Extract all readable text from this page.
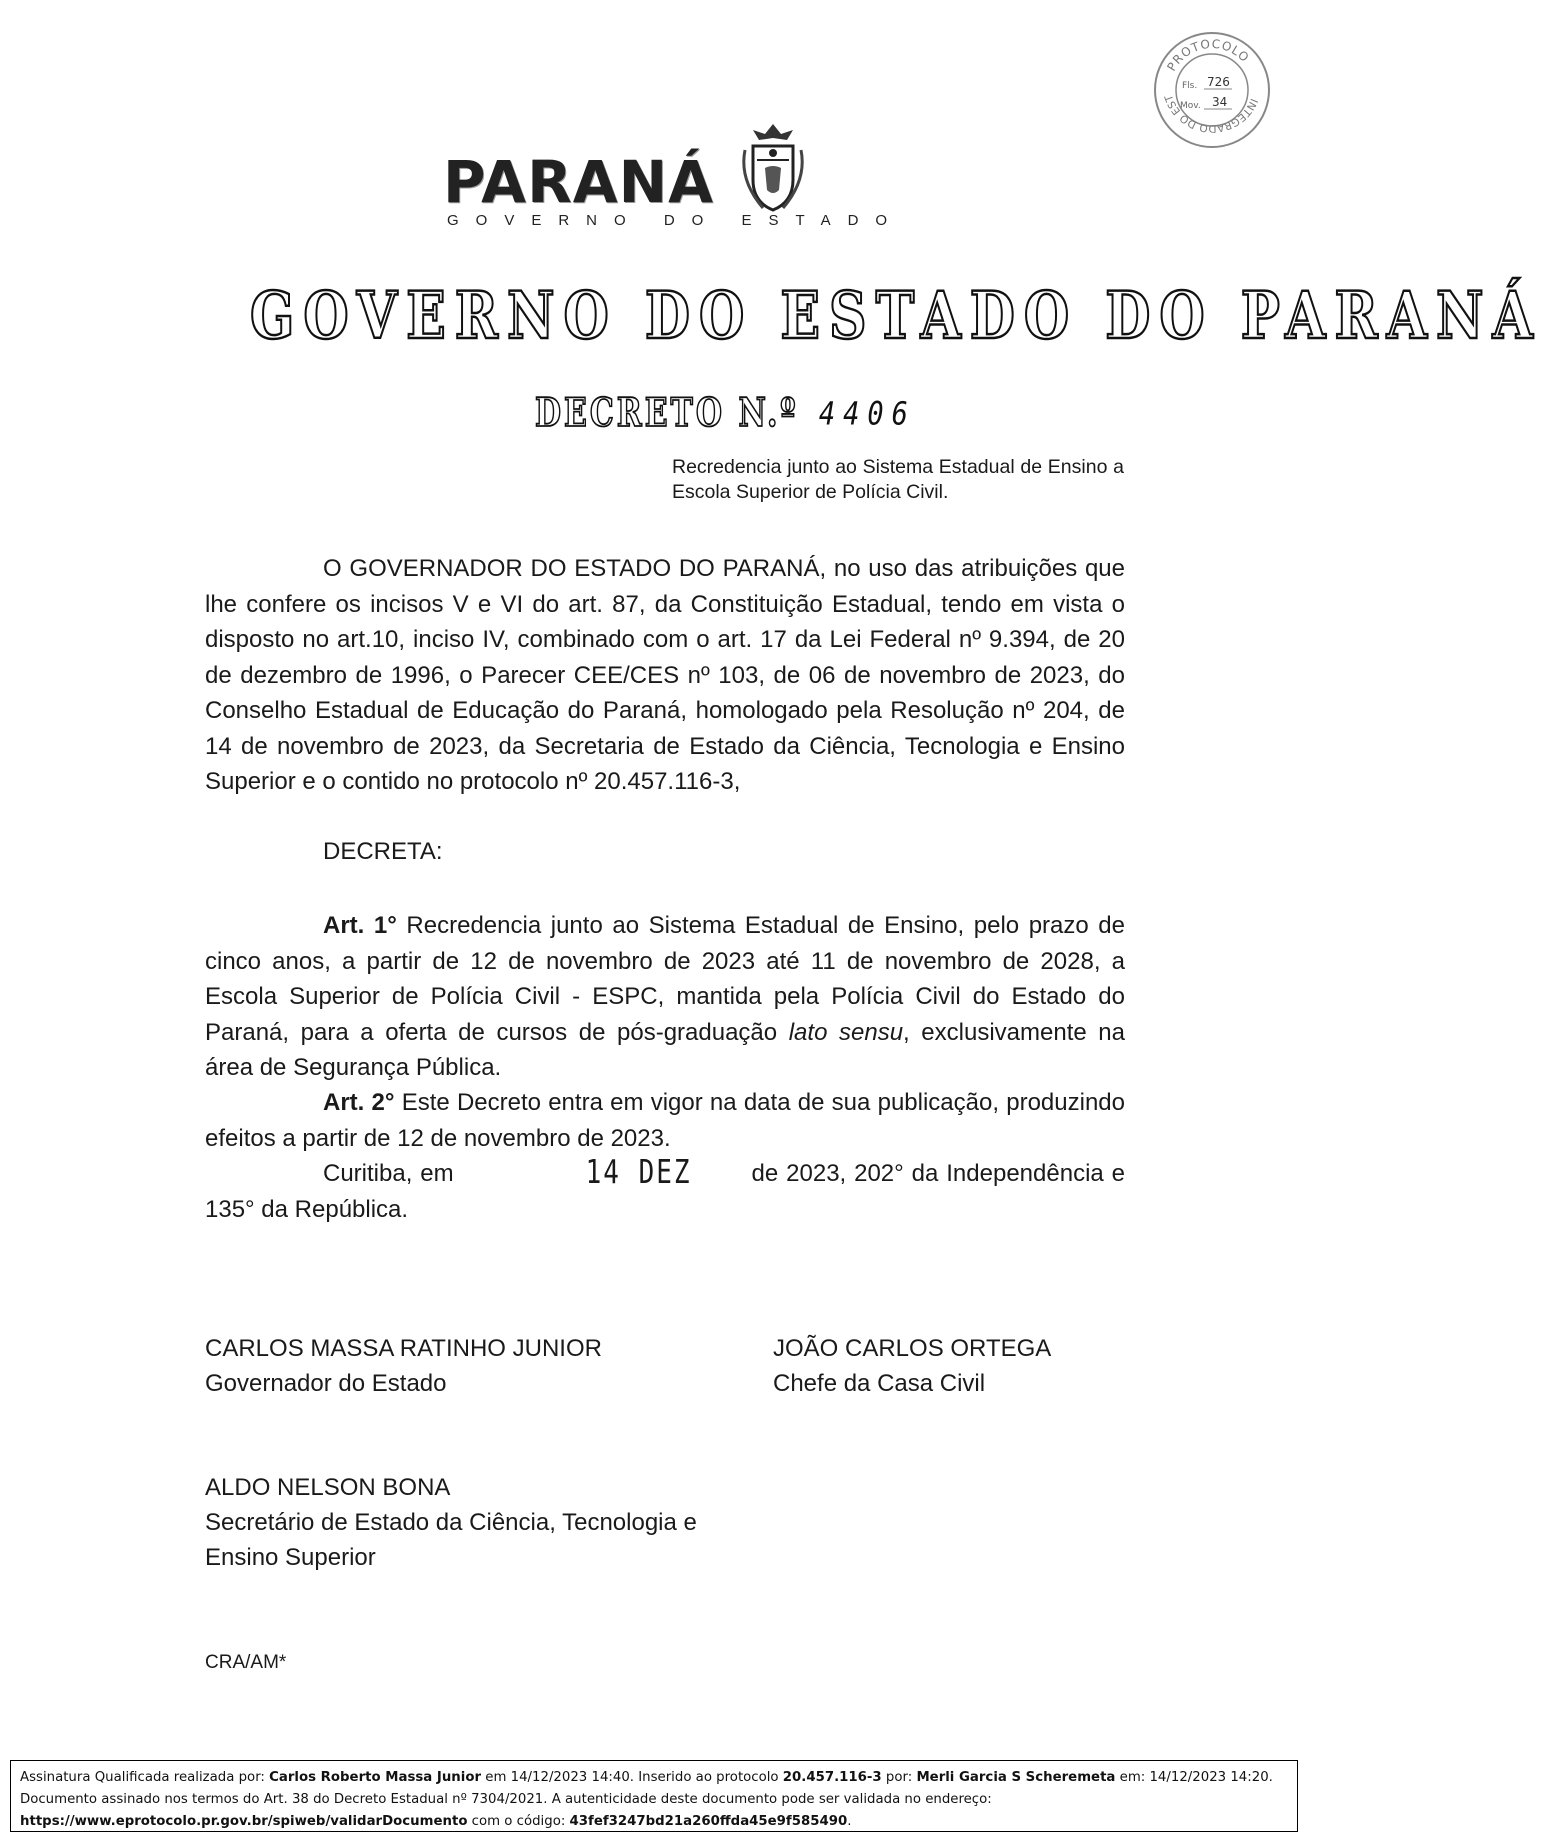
PROTOCOLO
INTEGRADO DO EST
Fls. 726
Mov. 34
PARANÁ
GOVERNO DO ESTADO
GOVERNO DO ESTADO DO PARANÁ
DECRETO N.º 4406
Recredencia junto ao Sistema Estadual de Ensino a Escola Superior de Polícia Civil.
O GOVERNADOR DO ESTADO DO PARANÁ, no uso das atribuições que lhe confere os incisos V e VI do art. 87, da Constituição Estadual, tendo em vista o disposto no art.10, inciso IV, combinado com o art. 17 da Lei Federal nº 9.394, de 20 de dezembro de 1996, o Parecer CEE/CES nº 103, de 06 de novembro de 2023, do Conselho Estadual de Educação do Paraná, homologado pela Resolução nº 204, de 14 de novembro de 2023, da Secretaria de Estado da Ciência, Tecnologia e Ensino Superior e o contido no protocolo nº 20.457.116-3,
DECRETA:
Art. 1° Recredencia junto ao Sistema Estadual de Ensino, pelo prazo de cinco anos, a partir de 12 de novembro de 2023 até 11 de novembro de 2028, a Escola Superior de Polícia Civil - ESPC, mantida pela Polícia Civil do Estado do Paraná, para a oferta de cursos de pós-graduação lato sensu, exclusivamente na área de Segurança Pública.
Art. 2° Este Decreto entra em vigor na data de sua publicação, produzindo efeitos a partir de 12 de novembro de 2023.
Curitiba, em	14 DEZ	de 2023, 202° da Independência e 135° da República.
CARLOS MASSA RATINHO JUNIOR
Governador do Estado
JOÃO CARLOS ORTEGA
Chefe da Casa Civil
ALDO NELSON BONA
Secretário de Estado da Ciência, Tecnologia e
Ensino Superior
CRA/AM*
Assinatura Qualificada realizada por: Carlos Roberto Massa Junior em 14/12/2023 14:40. Inserido ao protocolo 20.457.116-3 por: Merli Garcia S Scheremeta em: 14/12/2023 14:20. Documento assinado nos termos do Art. 38 do Decreto Estadual nº 7304/2021. A autenticidade deste documento pode ser validada no endereço: https://www.eprotocolo.pr.gov.br/spiweb/validarDocumento com o código: 43fef3247bd21a260ffda45e9f585490.
